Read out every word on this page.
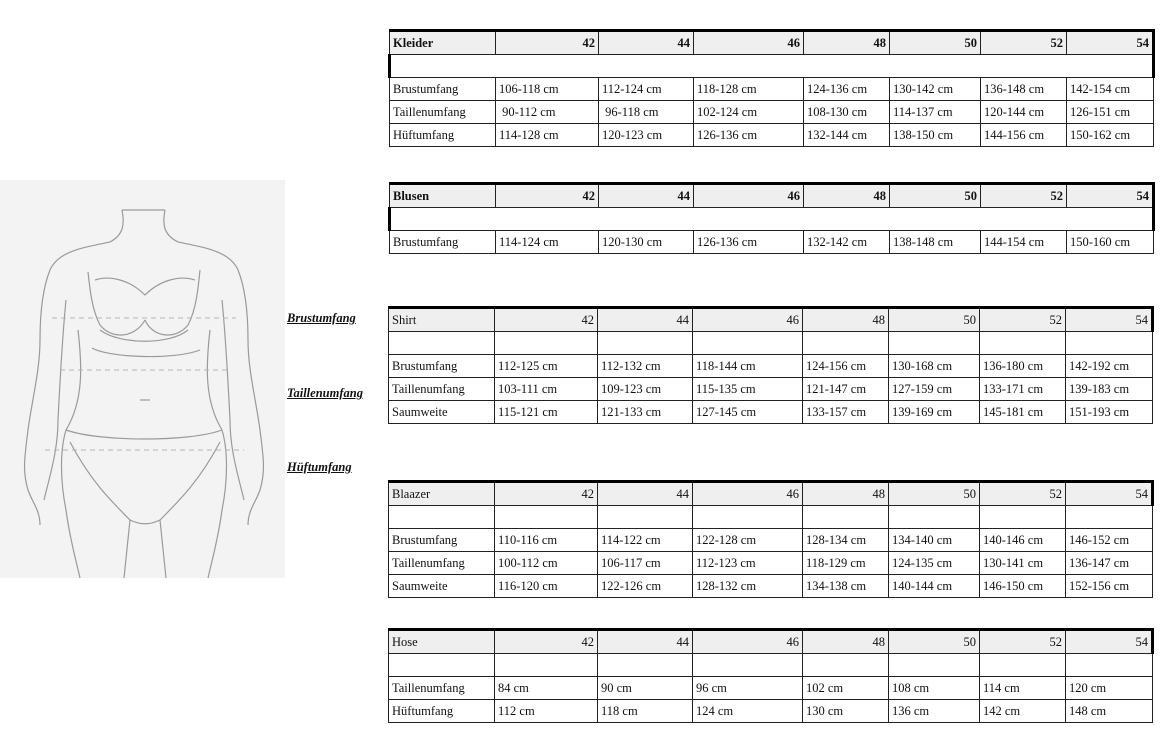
Brustumfang
Taillenumfang
Hüftumfang
Kleider	42	44	46	48	50	52	54

Brustumfang	106-118 cm	112-124 cm	118-128 cm	124-136 cm	130-142 cm	136-148 cm	142-154 cm
Taillenumfang	90-112 cm	96-118 cm	102-124 cm	108-130 cm	114-137 cm	120-144 cm	126-151 cm
Hüftumfang	114-128 cm	120-123 cm	126-136 cm	132-144 cm	138-150 cm	144-156 cm	150-162 cm
Blusen	42	44	46	48	50	52	54

Brustumfang	114-124 cm	120-130 cm	126-136 cm	132-142 cm	138-148 cm	144-154 cm	150-160 cm
Shirt	42	44	46	48	50	52	54

Brustumfang	112-125 cm	112-132 cm	118-144 cm	124-156 cm	130-168 cm	136-180 cm	142-192 cm
Taillenumfang	103-111 cm	109-123 cm	115-135 cm	121-147 cm	127-159 cm	133-171 cm	139-183 cm
Saumweite	115-121 cm	121-133 cm	127-145 cm	133-157 cm	139-169 cm	145-181 cm	151-193 cm
Blaazer	42	44	46	48	50	52	54

Brustumfang	110-116 cm	114-122 cm	122-128 cm	128-134 cm	134-140 cm	140-146 cm	146-152 cm
Taillenumfang	100-112 cm	106-117 cm	112-123 cm	118-129 cm	124-135 cm	130-141 cm	136-147 cm
Saumweite	116-120 cm	122-126 cm	128-132 cm	134-138 cm	140-144 cm	146-150 cm	152-156 cm
Hose	42	44	46	48	50	52	54

Taillenumfang	84 cm	90 cm	96 cm	102 cm	108 cm	114 cm	120 cm
Hüftumfang	112 cm	118 cm	124 cm	130 cm	136 cm	142 cm	148 cm
